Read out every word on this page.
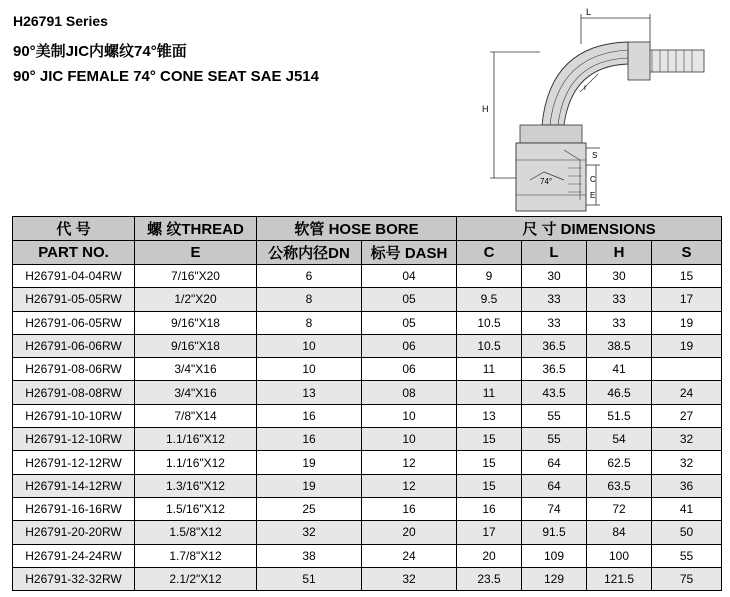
H26791 Series
90°美制JIC内螺纹74°锥面
90° JIC FEMALE 74° CONE SEAT SAE J514
L
r
74°
H
S
C
E
代 号	螺 纹THREAD	软管 HOSE BORE		尺 寸 DIMENSIONS			
PART NO.	E	公称内径DN	标号 DASH	C	L	H	S
H26791-04-04RW	7/16"X20	6	04	9	30	30	15
H26791-05-05RW	1/2"X20	8	05	9.5	33	33	17
H26791-06-05RW	9/16"X18	8	05	10.5	33	33	19
H26791-06-06RW	9/16"X18	10	06	10.5	36.5	38.5	19
H26791-08-06RW	3/4"X16	10	06	11	36.5	41	
H26791-08-08RW	3/4"X16	13	08	11	43.5	46.5	24
H26791-10-10RW	7/8"X14	16	10	13	55	51.5	27
H26791-12-10RW	1.1/16"X12	16	10	15	55	54	32
H26791-12-12RW	1.1/16"X12	19	12	15	64	62.5	32
H26791-14-12RW	1.3/16"X12	19	12	15	64	63.5	36
H26791-16-16RW	1.5/16"X12	25	16	16	74	72	41
H26791-20-20RW	1.5/8"X12	32	20	17	91.5	84	50
H26791-24-24RW	1.7/8"X12	38	24	20	109	100	55
H26791-32-32RW	2.1/2"X12	51	32	23.5	129	121.5	75
